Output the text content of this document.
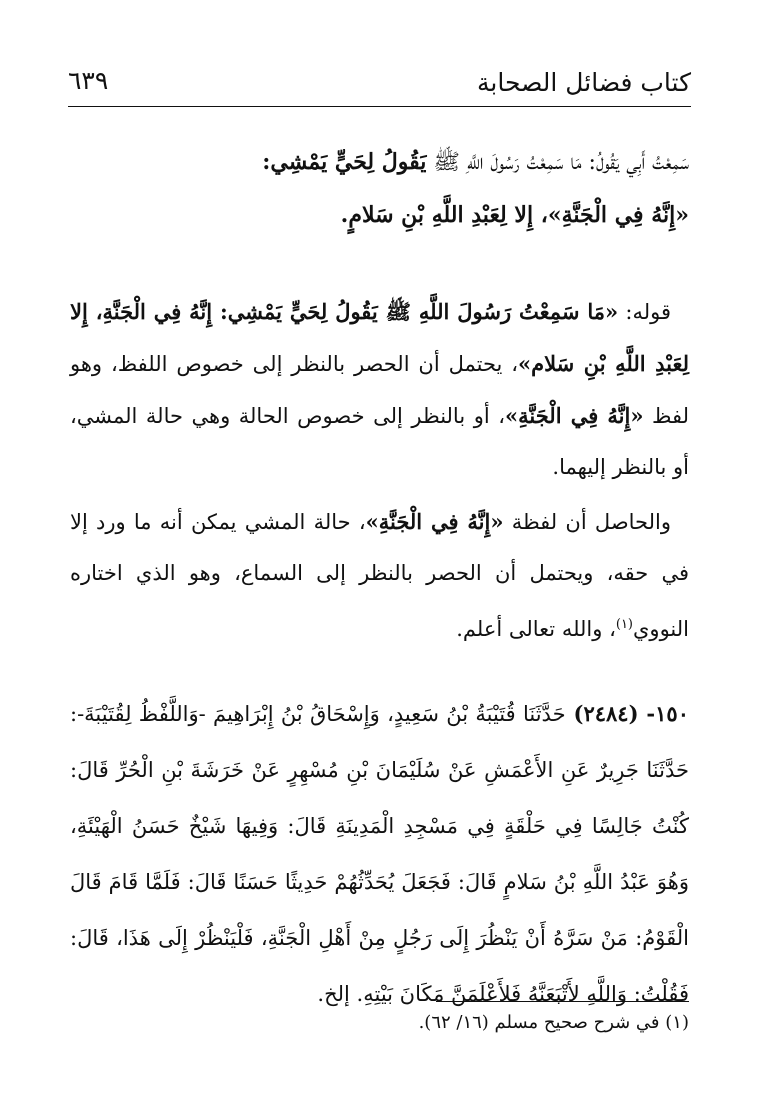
كتاب فضائل الصحابة
٦٣٩

سَمِعْتُ أَبِي يَقُولُ: مَا سَمِعْتُ رَسُولَ اللَّهِ ﷺ يَقُولُ لِحَيٍّ يَمْشِي:
«إِنَّهُ فِي الْجَنَّةِ»، إِلا لِعَبْدِ اللَّهِ بْنِ سَلامٍ.

قوله: «مَا سَمِعْتُ رَسُولَ اللَّهِ ﷺ يَقُولُ لِحَيٍّ يَمْشِي: إِنَّهُ فِي الْجَنَّةِ، إِلا لِعَبْدِ اللَّهِ بْنِ سَلام»، يحتمل أن الحصر بالنظر إلى خصوص اللفظ، وهو لفظ «إِنَّهُ فِي الْجَنَّةِ»، أو بالنظر إلى خصوص الحالة وهي حالة المشي، أو بالنظر إليهما.

والحاصل أن لفظة «إِنَّهُ فِي الْجَنَّةِ»، حالة المشي يمكن أنه ما ورد إلا في حقه، ويحتمل أن الحصر بالنظر إلى السماع، وهو الذي اختاره النووي$^{(١)}$، والله تعالى أعلم.

١٥٠- (٢٤٨٤) حَدَّثَنَا قُتَيْبَةُ بْنُ سَعِيدٍ، وَإِسْحَاقُ بْنُ إِبْرَاهِيمَ -وَاللَّفْظُ لِقُتَيْبَةَ-: حَدَّثَنَا جَرِيرٌ عَنِ الأَعْمَشِ عَنْ سُلَيْمَانَ بْنِ مُسْهِرٍ عَنْ خَرَشَةَ بْنِ الْحُرِّ قَالَ: كُنْتُ جَالِسًا فِي حَلْقَةٍ فِي مَسْجِدِ الْمَدِينَةِ قَالَ: وَفِيهَا شَيْخٌ حَسَنُ الْهَيْئَةِ، وَهُوَ عَبْدُ اللَّهِ بْنُ سَلامٍ قَالَ: فَجَعَلَ يُحَدِّثُهُمْ حَدِيثًا حَسَنًا قَالَ: فَلَمَّا قَامَ قَالَ الْقَوْمُ: مَنْ سَرَّهُ أَنْ يَنْظُرَ إِلَى رَجُلٍ مِنْ أَهْلِ الْجَنَّةِ، فَلْيَنْظُرْ إِلَى هَذَا، قَالَ: فَقُلْتُ: وَاللَّهِ لأَتْبَعَنَّهُ فَلأَعْلَمَنَّ مَكَانَ بَيْتِهِ. إلخ.

(١) في شرح صحيح مسلم (١٦/ ٦٢).
